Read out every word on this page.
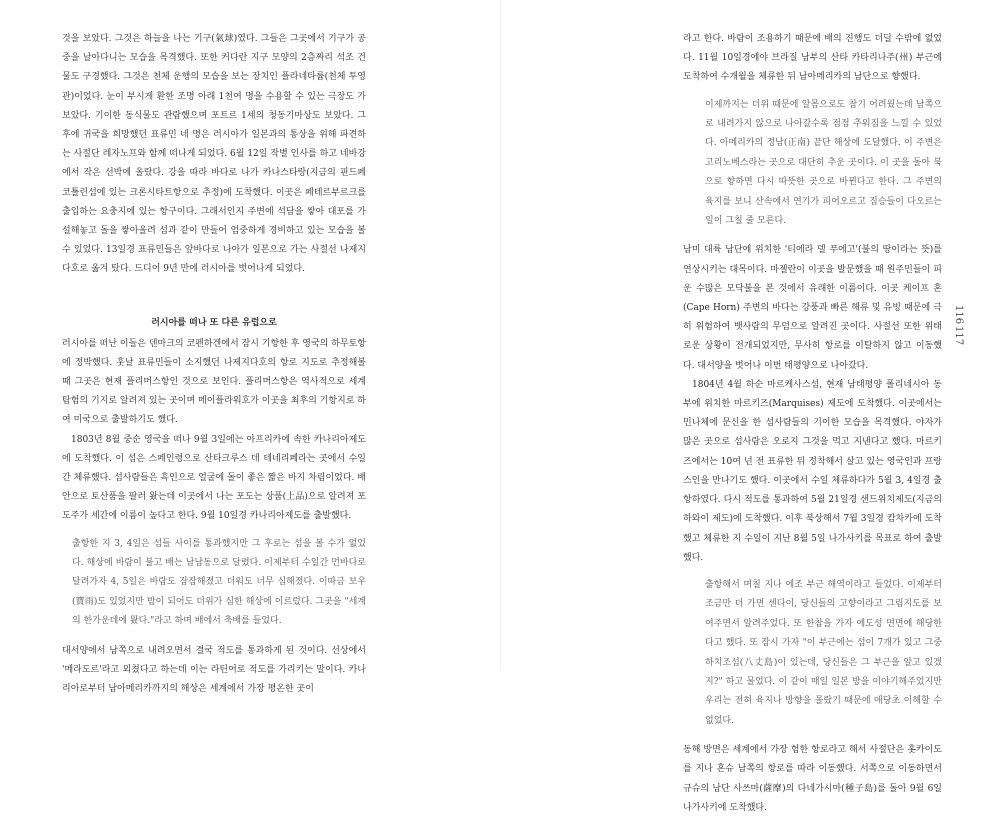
것을 보았다. 그것은 하늘을 나는 기구(氣球)였다. 그들은 그곳에서 기구가 공중을 날아다니는 모습을 목격했다. 또한 커다란 지구 모양의 2층짜리 석조 건물도 구경했다. 그것은 천체 운행의 모습을 보는 장치인 플라네타륨(천체 투영관)이었다. 눈이 부시게 환한 조명 아래 1천여 명을 수용할 수 있는 극장도 가보았다. 기이한 동식물도 관람했으며 포트르 1세의 청동기마상도 보았다. 그 후에 귀국을 희망했던 표류민 네 명은 러시아가 일본과의 통상을 위해 파견하는 사절단 레자노프와 함께 떠나게 되었다. 6월 12일 작별 인사를 하고 네바강에서 작은 선박에 올랐다. 강을 따라 바다로 나가 카나스타랑(지금의 핀드페 코틀린섬에 있는 크론시타트항으로 추정)에 도착했다. 이곳은 페테르부르크를 출입하는 요충지에 있는 항구이다. 그래서인지 주변에 석담을 쌓아 대포를 가설해놓고 돌을 쌓아올려 섬과 같이 만들어 엄중하게 경비하고 있는 모습을 볼 수 있었다. 13일경 표류민들은 앞바다로 나아가 일본으로 가는 사절선 나제지다호로 옮겨 탔다. 드디어 9년 만에 러시아를 벗어나게 되었다.

러시아를 떠나 또 다른 유럽으로

러시아를 떠난 이들은 덴마크의 코펜하겐에서 잠시 기항한 후 영국의 하무토항에 정박했다. 훗날 표류민들이 소지했던 나제지다호의 항로 지도로 추정해볼 때 그곳은 현재 플리머스항인 것으로 보인다. 플리머스항은 역사적으로 세계 탐험의 기지로 알려져 있는 곳이며 메이플라워호가 이곳을 최후의 기항지로 하여 미국으로 출발하기도 했다.

1803년 8월 중순 영국을 떠나 9월 3일에는 아프리카에 속한 카나리아제도에 도착했다. 이 섬은 스페인령으로 산타크루스 데 테네리페라는 곳에서 수일간 체류했다. 섬사람들은 흑인으로 얼굴에 돌이 좋은 짧은 바지 차림이었다. 배 안으로 토산품을 팔러 왔는데 이곳에서 나는 포도는 상품(上品)으로 알려져 포도주가 세간에 이름이 높다고 한다. 9월 10일경 카나리아제도를 출발했다.

출항한 지 3, 4일은 섬들 사이를 통과했지만 그 후로는 섬을 볼 수가 없었다. 해상에 바람이 불고 배는 남남동으로 달렸다. 이제부터 수일간 먼바다로 달려가자 4, 5일은 바람도 잠잠해졌고 더워도 너무 심해졌다. 이따금 보우(寶雨)도 있었지만 밤이 되어도 더위가 심한 해상에 이르렀다. 그곳을 "세계의 한가운데에 왔다."라고 하며 배에서 축배를 들었다.

대서양에서 남쪽으로 내려오면서 결국 적도를 통과하게 된 것이다. 선상에서 '메라도르'라고 외쳤다고 하는데 이는 라틴어로 적도를 가리키는 말이다. 카나리아로부터 남아메리카까지의 해상은 세계에서 가장 평온한 곳이

라고 한다. 바람이 조용하기 때문에 배의 진행도 더딜 수밖에 없었다. 11월 10일경에야 브라질 남부의 산타 카타리나주(州) 부근에 도착하여 수개월을 체류한 뒤 남아메리카의 남단으로 향했다.

이제까지는 더위 때문에 알몸으로도 참기 어려웠는데 남쪽으로 내려가지 않으로 나아갈수록 점점 추워짐을 느낄 수 있었다. 아메리카의 정남(正南) 끝단 해상에 도달했다. 이 주변은 고리노베스라는 곳으로 대단히 추운 곳이다. 이 곳을 돌아 북으로 향하면 다시 따뜻한 곳으로 바뀐다고 한다. 그 주변의 육지를 보니 산속에서 연기가 피어오르고 짐승들이 다오르는 일이 그칠 줄 모른다.

남미 대륙 남단에 위치한 '티에라 델 푸에고'(불의 땅이라는 뜻)를 연상시키는 대목이다. 마젤란이 이곳을 발문했을 때 원주민들이 피운 수많은 모닥불을 본 것에서 유래한 이름이다. 이곳 케이프 혼(Cape Horn) 주변의 바다는 강풍과 빠른 해류 및 유빙 때문에 극히 위험하여 뱃사람의 무덤으로 알려진 곳이다. 사절선 또한 위태로운 상황이 전개되었지만, 무사히 항로를 이탈하지 않고 이동했다. 대서양을 벗어나 이번 태평양으로 나아갔다.

1804년 4월 하순 마르케사스섬, 현재 남태평양 폴리네시아 동부에 위치한 마르키즈(Marquises) 제도에 도착했다. 이곳에서는 민나체에 문신을 한 섬사람들의 기이한 모습을 목격했다. 야자가 많은 곳으로 섬사람은 오로지 그것을 먹고 지낸다고 했다. 마르키즈에서는 10여 넌 전 표류한 뒤 정착해서 살고 있는 영국인과 프랑스인을 만나기도 했다. 이곳에서 수일 체류하다가 5월 3, 4일경 출항하였다. 다시 적도를 통과하여 5월 21일경 샌드위치제도(지금의 하와이 제도)에 도착했다. 이후 북상해서 7월 3일경 캄차카에 도착했고 체류한 지 수일이 지난 8월 5일 나가사키를 목표로 하여 출발했다.

출항해서 며칠 지나 에조 부근 해역이라고 들었다. 이제부터 조금만 더 가면 센다이, 당신들의 고향이라고 그림지도를 보여주면서 알려주었다. 또 한참을 가자 에도성 면면에 해당한다고 했다. 또 잠시 가자 "이 부근에는 섬이 7개가 있고 그중 하치조섬(八丈島)이 있는데, 당신들은 그 부근을 알고 있겠지?" 하고 물었다. 이 같이 매일 일본 방을 이야기해주었지만 우리는 전혀 육지나 방향을 몰랐기 때문에 애당초 이해할 수 없었다.

동해 방면은 세계에서 가장 험한 항로라고 해서 사절단은 홋카이도를 지나 혼슈 남쪽의 항로를 따라 이동했다. 서쪽으로 이동하면서 규슈의 남단 사쓰마(薩摩)의 다네가시마(種子島)를 돌아 9월 6일 나가사키에 도착했다.

116
117
